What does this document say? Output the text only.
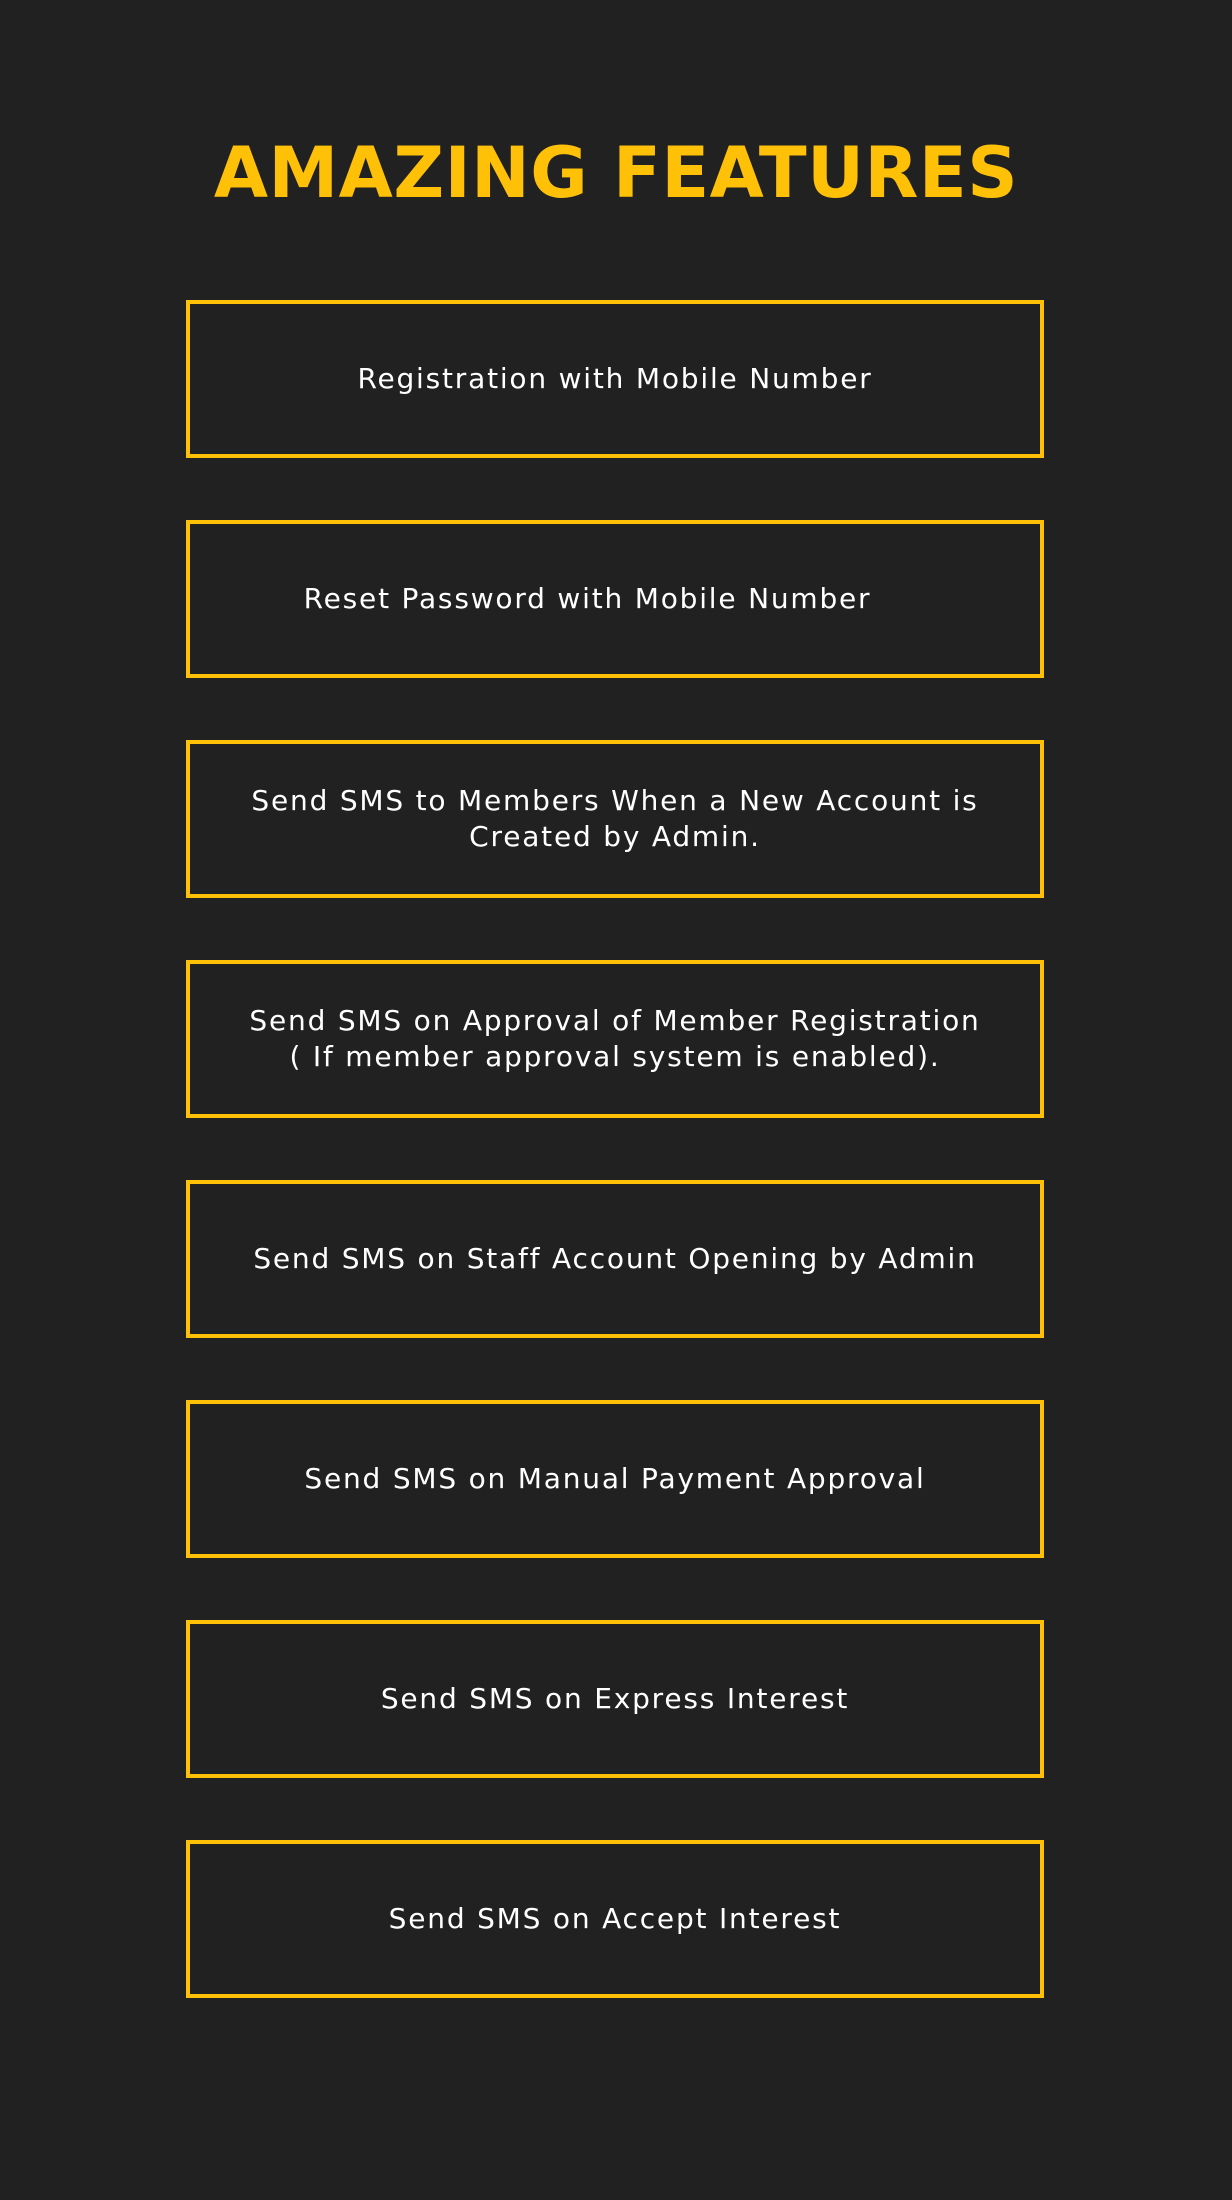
AMAZING FEATURES
Registration with Mobile Number
Reset Password with Mobile Number
Send SMS to Members When a New Account is
Created by Admin.
Send SMS on Approval of Member Registration
( If member approval system is enabled).
Send SMS on Staff Account Opening by Admin
Send SMS on Manual Payment Approval
Send SMS on Express Interest
Send SMS on Accept Interest
